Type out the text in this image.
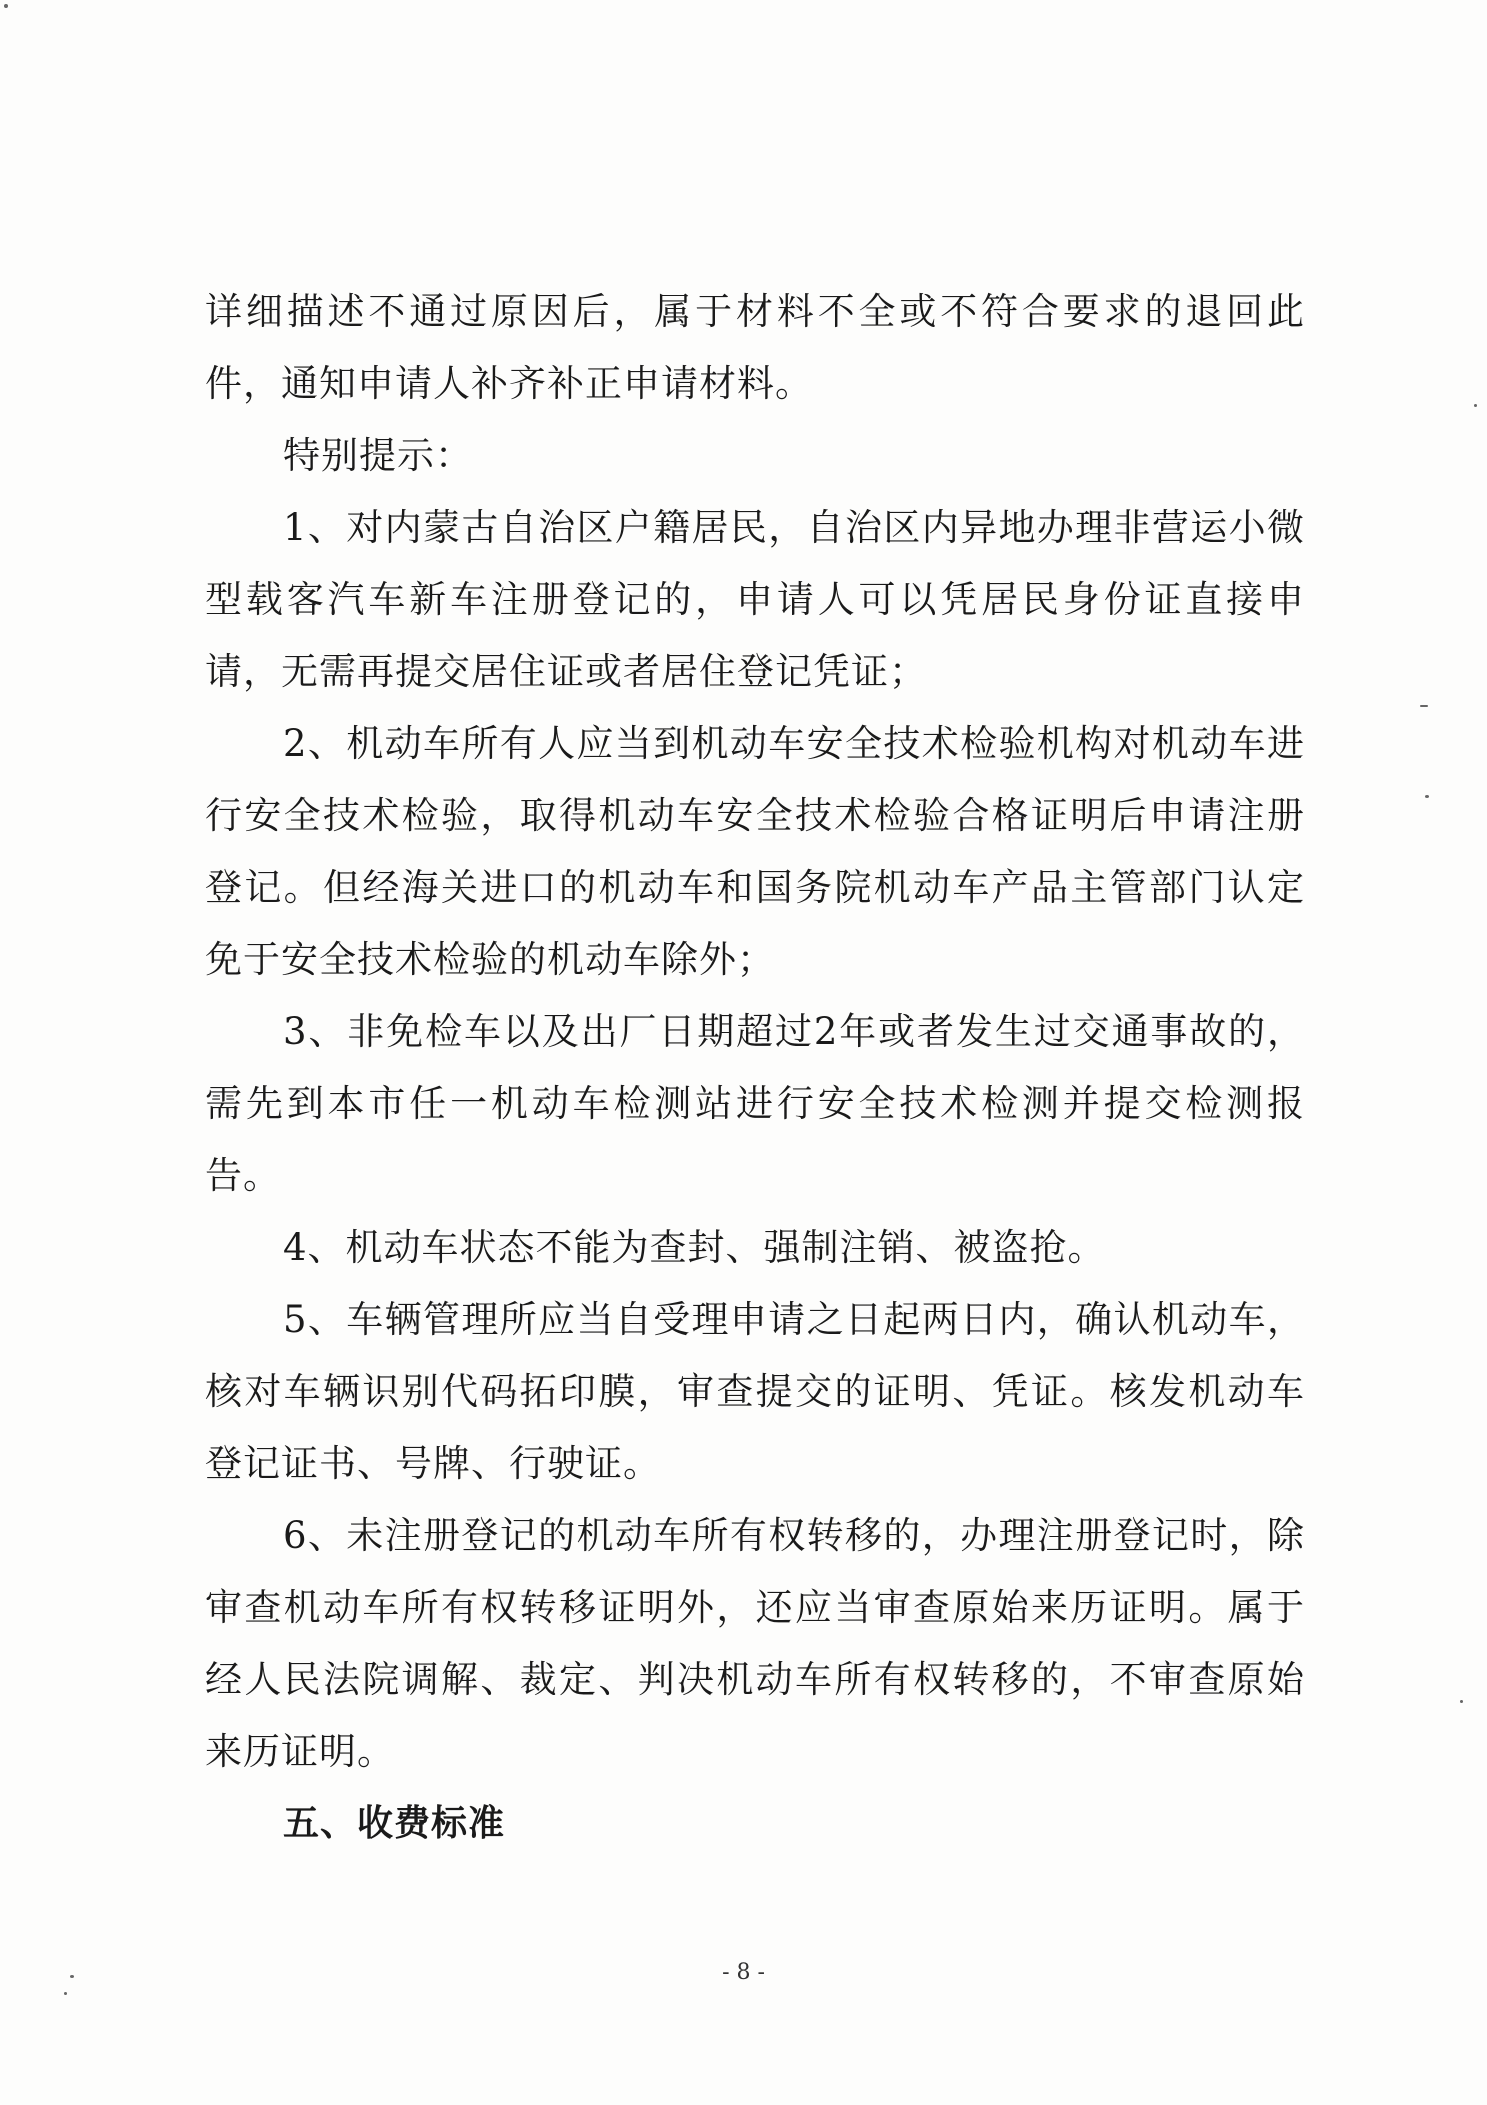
详细描述不通过原因后，属于材料不全或不符合要求的退回此件，通知申请人补齐补正申请材料。

特别提示：

1、对内蒙古自治区户籍居民，自治区内异地办理非营运小微型载客汽车新车注册登记的，申请人可以凭居民身份证直接申请，无需再提交居住证或者居住登记凭证；

2、机动车所有人应当到机动车安全技术检验机构对机动车进行安全技术检验，取得机动车安全技术检验合格证明后申请注册登记。但经海关进口的机动车和国务院机动车产品主管部门认定免于安全技术检验的机动车除外；

3、非免检车以及出厂日期超过2年或者发生过交通事故的，需先到本市任一机动车检测站进行安全技术检测并提交检测报告。

4、机动车状态不能为查封、强制注销、被盗抢。

5、车辆管理所应当自受理申请之日起两日内，确认机动车，核对车辆识别代码拓印膜，审查提交的证明、凭证。核发机动车登记证书、号牌、行驶证。

6、未注册登记的机动车所有权转移的，办理注册登记时，除审查机动车所有权转移证明外，还应当审查原始来历证明。属于经人民法院调解、裁定、判决机动车所有权转移的，不审查原始来历证明。

五、收费标准

- 8 -
